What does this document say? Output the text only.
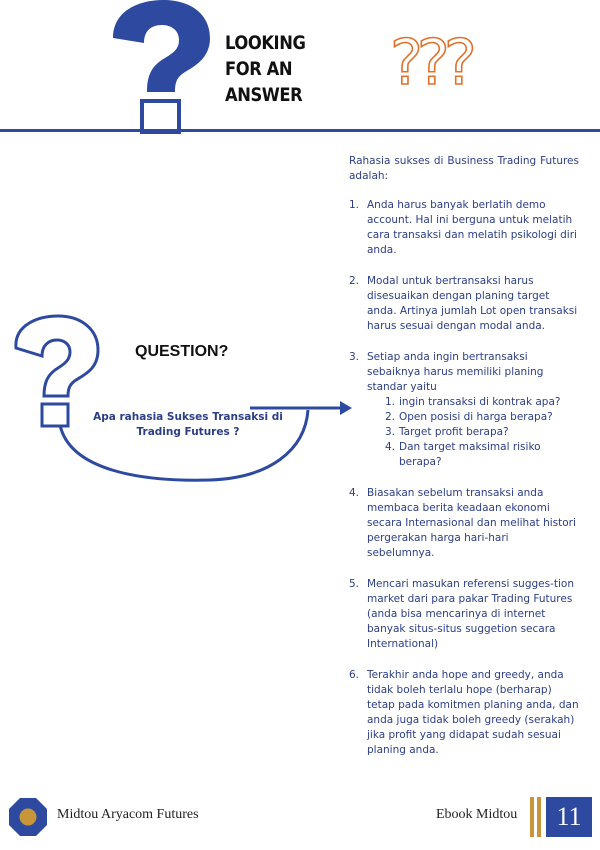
LOOKING
FOR AN
ANSWER	???
QUESTION?
Apa rahasia Sukses Transaksi di Trading Futures ?
Rahasia sukses di Business Trading Futures adalah:
1. Anda harus banyak berlatih demo account. Hal ini berguna untuk melatih cara transaksi dan melatih psikologi diri anda.
2. Modal untuk bertransaksi harus disesuaikan dengan planing target anda. Artinya jumlah Lot open transaksi harus sesuai dengan modal anda.
3. Setiap anda ingin bertransaksi sebaiknya harus memiliki planing standar yaitu
1. ingin transaksi di kontrak apa?
2. Open posisi di harga berapa?
3. Target profit berapa?
4. Dan target maksimal risiko berapa?
4. Biasakan sebelum transaksi anda membaca berita keadaan ekonomi secara Internasional dan melihat histori pergerakan harga hari-hari sebelumnya.
5. Mencari masukan referensi sugges-tion market dari para pakar Trading Futures (anda bisa mencarinya di internet banyak situs-situs suggetion secara International)
6. Terakhir anda hope and greedy, anda tidak boleh terlalu hope (berharap) tetap pada komitmen planing anda, dan anda juga tidak boleh greedy (serakah) jika profit yang didapat sudah sesuai planing anda.
Midtou Aryacom Futures	Ebook Midtou	11
